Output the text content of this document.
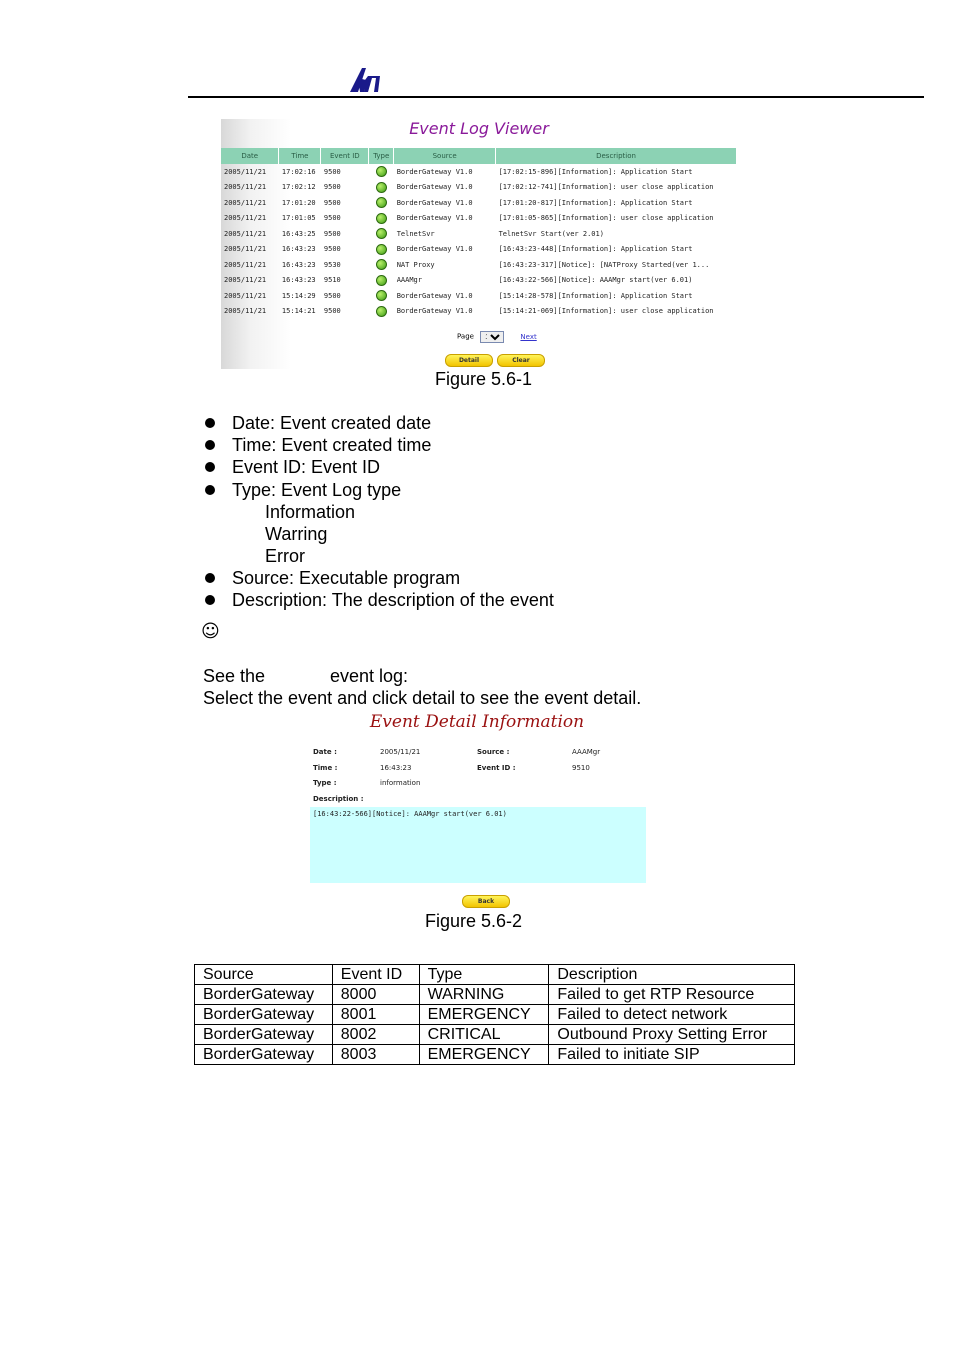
Event Log Viewer
Date	Time	Event ID	Type	Source	Description
2005/11/21	17:02:16	9500		BorderGateway V1.0	[17:02:15-896][Information]: Application Start
2005/11/21	17:02:12	9500		BorderGateway V1.0	[17:02:12-741][Information]: user close application
2005/11/21	17:01:20	9500		BorderGateway V1.0	[17:01:20-817][Information]: Application Start
2005/11/21	17:01:05	9500		BorderGateway V1.0	[17:01:05-865][Information]: user close application
2005/11/21	16:43:25	9500		TelnetSvr	TelnetSvr Start(ver 2.01)
2005/11/21	16:43:23	9500		BorderGateway V1.0	[16:43:23-448][Information]: Application Start
2005/11/21	16:43:23	9530		NAT Proxy	[16:43:23-317][Notice]: [NATProxy Started(ver 1...
2005/11/21	16:43:23	9510		AAAMgr	[16:43:22-566][Notice]: AAAMgr start(ver 6.01)
2005/11/21	15:14:29	9500		BorderGateway V1.0	[15:14:28-578][Information]: Application Start
2005/11/21	15:14:21	9500		BorderGateway V1.0	[15:14:21-069][Information]: user close application
Page
1	Next
Detail	Clear
Figure 5.6-1
Date: Event created date
Time: Event created time
Event ID: Event ID
Type: Event Log type
Information
Warring
Error
Source: Executable program
Description: The description of the event
☺
See the	event log:
Select the event and click detail to see the event detail.
Event Detail Information
Date :	2005/11/21	Source :	AAAMgr
Time :	16:43:23	Event ID :	9510
Type :	information
Description :
[16:43:22-566][Notice]: AAAMgr start(ver 6.01)
Back
Figure 5.6-2
Source	Event ID	Type	Description
BorderGateway	8000	WARNING	Failed to get RTP Resource
BorderGateway	8001	EMERGENCY	Failed to detect network
BorderGateway	8002	CRITICAL	Outbound Proxy Setting Error
BorderGateway	8003	EMERGENCY	Failed to initiate SIP
